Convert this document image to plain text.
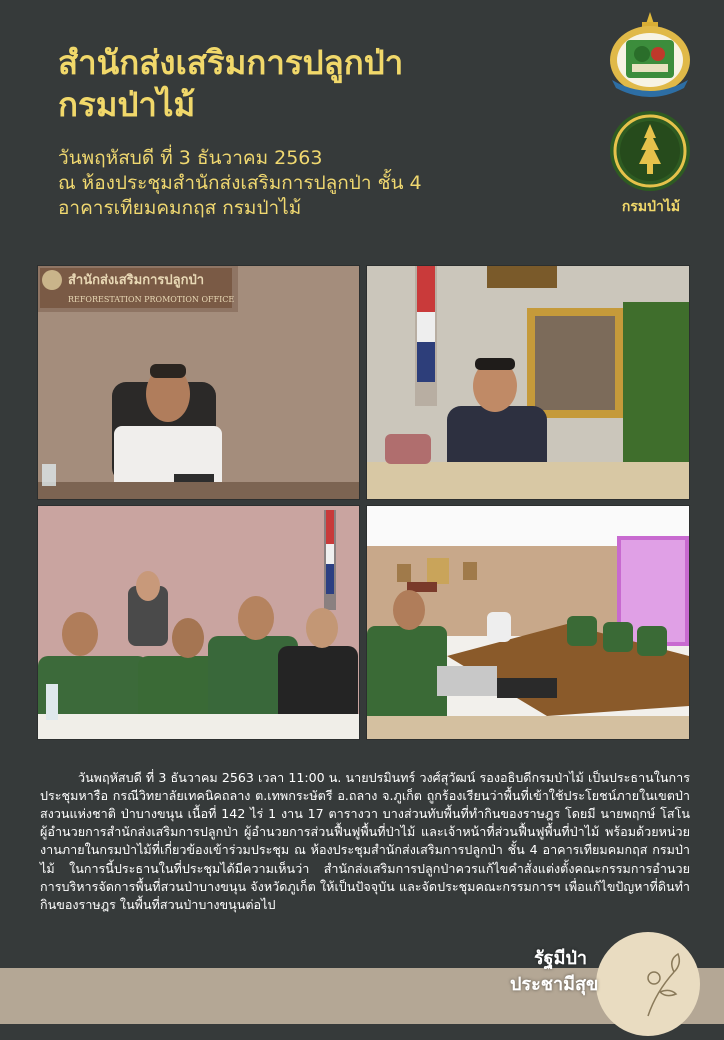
สำนักส่งเสริมการปลูกป่า
กรมป่าไม้
วันพฤหัสบดี ที่ 3 ธันวาคม 2563
ณ ห้องประชุมสำนักส่งเสริมการปลูกป่า ชั้น 4
อาคารเทียมคมกฤส กรมป่าไม้	กรมป่าไม้
สำนักส่งเสริมการปลูกป่า
REFORESTATION PROMOTION OFFICE

วันพฤหัสบดี ที่ 3 ธันวาคม 2563 เวลา 11:00 น. นายปรมินทร์ วงศ์สุวัฒน์ รองอธิบดีกรมป่าไม้ เป็นประธานในการประชุมหารือ กรณีวิทยาลัยเทคนิคถลาง ต.เทพกระษัตรี อ.ถลาง จ.ภูเก็ต ถูกร้องเรียนว่าพื้นที่เข้าใช้ประโยชน์ภายในเขตป่าสงวนแห่งชาติ ป่าบางขนุน เนื้อที่ 142 ไร่ 1 งาน 17 ตารางวา บางส่วนทับพื้นที่ทำกินของราษฎร โดยมี นายพฤกษ์ โสโน ผู้อำนวยการสำนักส่งเสริมการปลูกป่า ผู้อำนวยการส่วนฟื้นฟูพื้นที่ป่าไม้ และเจ้าหน้าที่ส่วนฟื้นฟูพื้นที่ป่าไม้ พร้อมด้วยหน่วยงานภายในกรมป่าไม้ที่เกี่ยวข้องเข้าร่วมประชุม ณ ห้องประชุมสำนักส่งเสริมการปลูกป่า ชั้น 4 อาคารเทียมคมกฤส กรมป่าไม้ ในการนี้ประธานในที่ประชุมได้มีความเห็นว่า สำนักส่งเสริมการปลูกป่าควรแก้ไขคำสั่งแต่งตั้งคณะกรรมการอำนวยการบริหารจัดการพื้นที่สวนป่าบางขนุน จังหวัดภูเก็ต ให้เป็นปัจจุบัน และจัดประชุมคณะกรรมการฯ เพื่อแก้ไขปัญหาที่ดินทำกินของราษฎร ในพื้นที่สวนป่าบางขนุนต่อไป

รัฐมีป่า
ประชามีสุข
